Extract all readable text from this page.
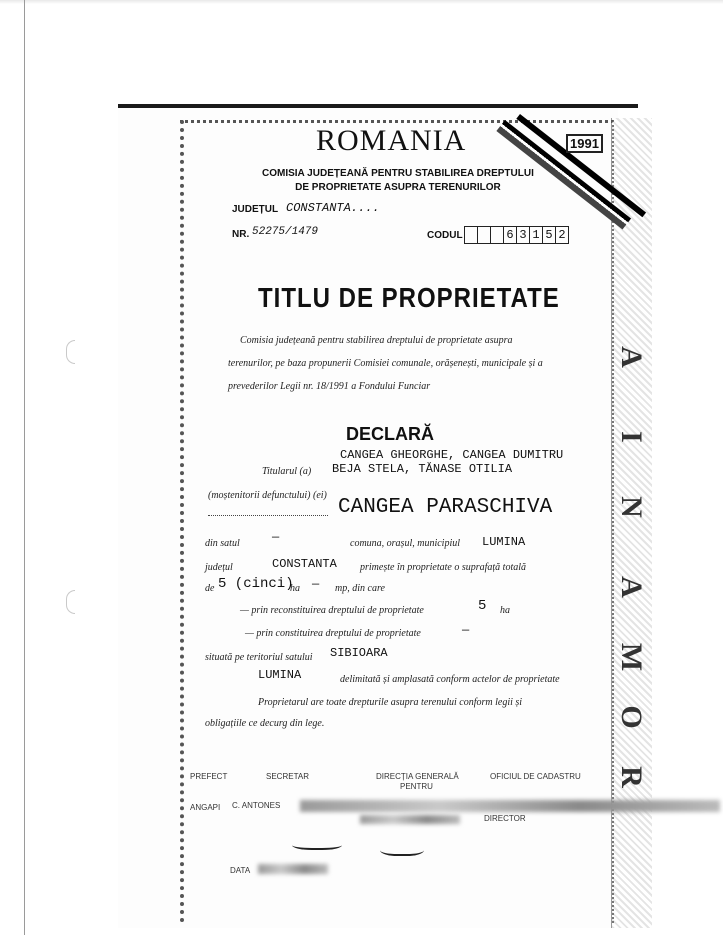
A
I
N
A
M
O
R
ROMANIA	1991
COMISIA JUDEȚEANĂ PENTRU STABILIREA DREPTULUI
DE PROPRIETATE ASUPRA TERENURILOR
JUDEȚUL CONSTANTA....
NR. 52275/1479	CODUL	6 3 1 5 2
TITLU DE PROPRIETATE
Comisia județeană pentru stabilirea dreptului de proprietate asupra
terenurilor, pe baza propunerii Comisiei comunale, orășenești, municipale și a
prevederilor Legii nr. 18/1991 a Fondului Funciar
DECLARĂ
CANGEA GHEORGHE, CANGEA DUMITRU
Titularul (a) BEJA STELA, TĂNASE OTILIA
(moștenitorii defunctului) (ei)
CANGEA PARASCHIVA
din satul	—	comuna, orașul, municipiul LUMINA
județul	CONSTANTA primește în proprietate o suprafață totală
de 5 (cinci)
ha — mp, din care
— prin reconstituirea dreptului de proprietate	5 ha
— prin constituirea dreptului de proprietate	—
situată pe teritoriul satului SIBIOARA
LUMINA	delimitată și amplasată conform actelor de proprietate
Proprietarul are toate drepturile asupra terenului conform legii și
obligațiile ce decurg din lege.
PREFECT	SECRETAR	DIRECȚIA GENERALĂ
PENTRU
OFICIUL DE CADASTRU
ANGAPI C. ANTONES
DIRECTOR
DATA
